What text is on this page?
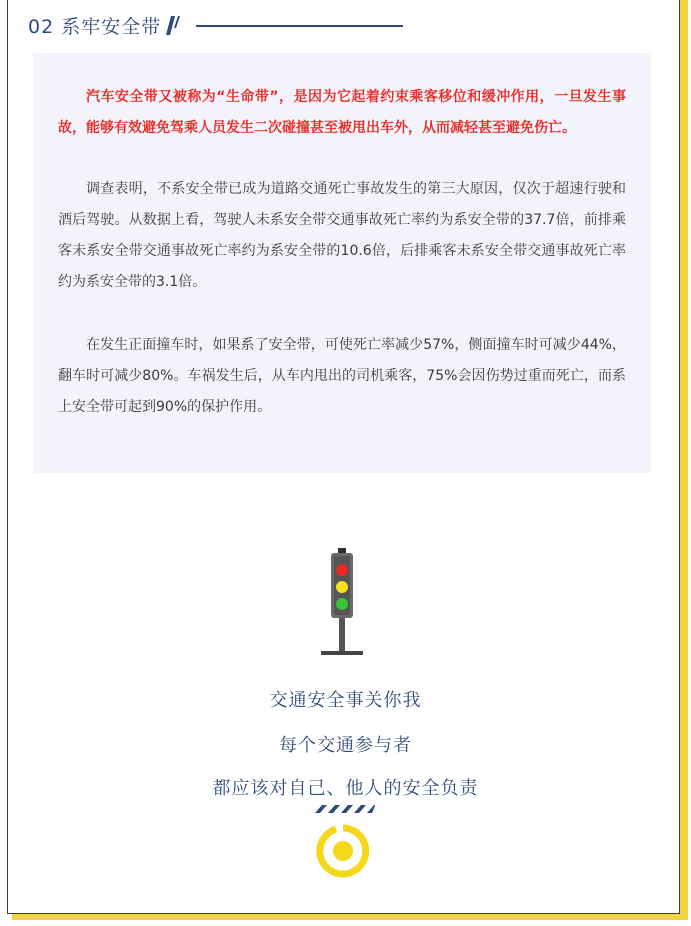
02 系牢安全带

汽车安全带又被称为“生命带”，是因为它起着约束乘客移位和缓冲作用，一旦发生事故，能够有效避免驾乘人员发生二次碰撞甚至被甩出车外，从而减轻甚至避免伤亡。

调查表明，不系安全带已成为道路交通死亡事故发生的第三大原因，仅次于超速行驶和酒后驾驶。从数据上看，驾驶人未系安全带交通事故死亡率约为系安全带的37.7倍，前排乘客未系安全带交通事故死亡率约为系安全带的10.6倍，后排乘客未系安全带交通事故死亡率约为系安全带的3.1倍。

在发生正面撞车时，如果系了安全带，可使死亡率减少57%，侧面撞车时可减少44%，翻车时可减少80%。车祸发生后，从车内甩出的司机乘客，75%会因伤势过重而死亡，而系上安全带可起到90%的保护作用。

交通安全事关你我
每个交通参与者
都应该对自己、他人的安全负责
